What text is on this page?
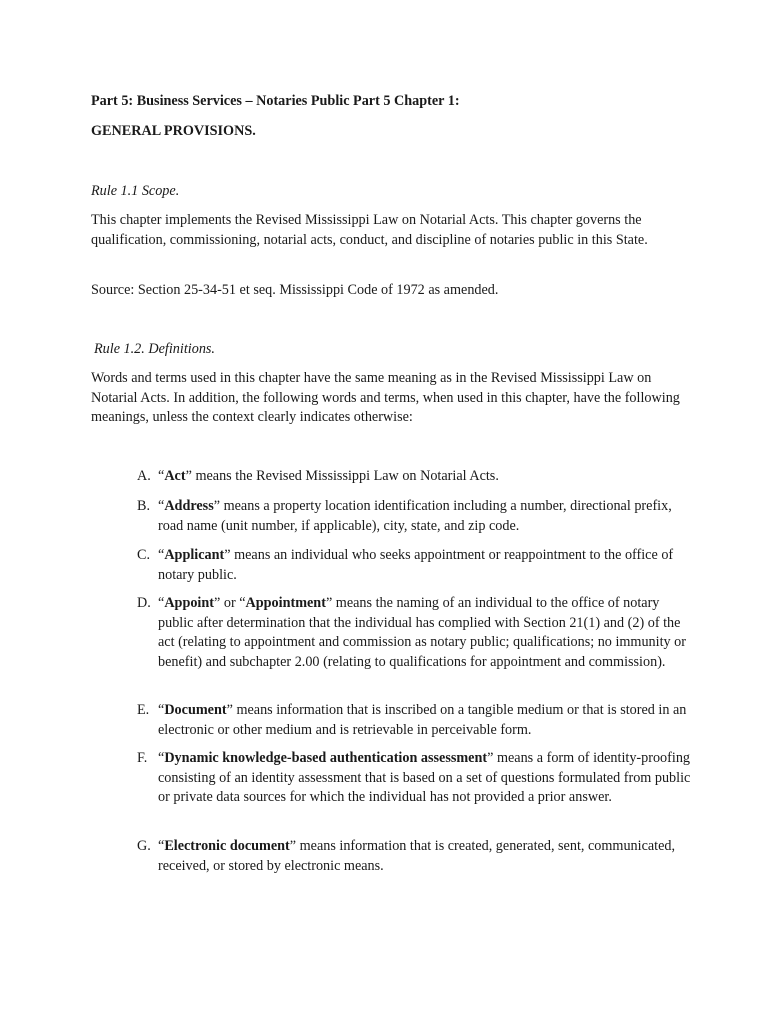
Part 5: Business Services – Notaries Public Part 5 Chapter 1:

GENERAL PROVISIONS.

Rule 1.1 Scope.

This chapter implements the Revised Mississippi Law on Notarial Acts. This chapter governs the qualification, commissioning, notarial acts, conduct, and discipline of notaries public in this State.

Source: Section 25-34-51 et seq. Mississippi Code of 1972 as amended.

Rule 1.2. Definitions.

Words and terms used in this chapter have the same meaning as in the Revised Mississippi Law on Notarial Acts. In addition, the following words and terms, when used in this chapter, have the following meanings, unless the context clearly indicates otherwise:

A. “Act” means the Revised Mississippi Law on Notarial Acts.
B. “Address” means a property location identification including a number, directional prefix, road name (unit number, if applicable), city, state, and zip code.
C. “Applicant” means an individual who seeks appointment or reappointment to the office of notary public.
D. “Appoint” or “Appointment” means the naming of an individual to the office of notary public after determination that the individual has complied with Section 21(1) and (2) of the act (relating to appointment and commission as notary public; qualifications; no immunity or benefit) and subchapter 2.00 (relating to qualifications for appointment and commission).
E. “Document” means information that is inscribed on a tangible medium or that is stored in an electronic or other medium and is retrievable in perceivable form.
F. “Dynamic knowledge-based authentication assessment” means a form of identity-proofing consisting of an identity assessment that is based on a set of questions formulated from public or private data sources for which the individual has not provided a prior answer.
G. “Electronic document” means information that is created, generated, sent, communicated, received, or stored by electronic means.
